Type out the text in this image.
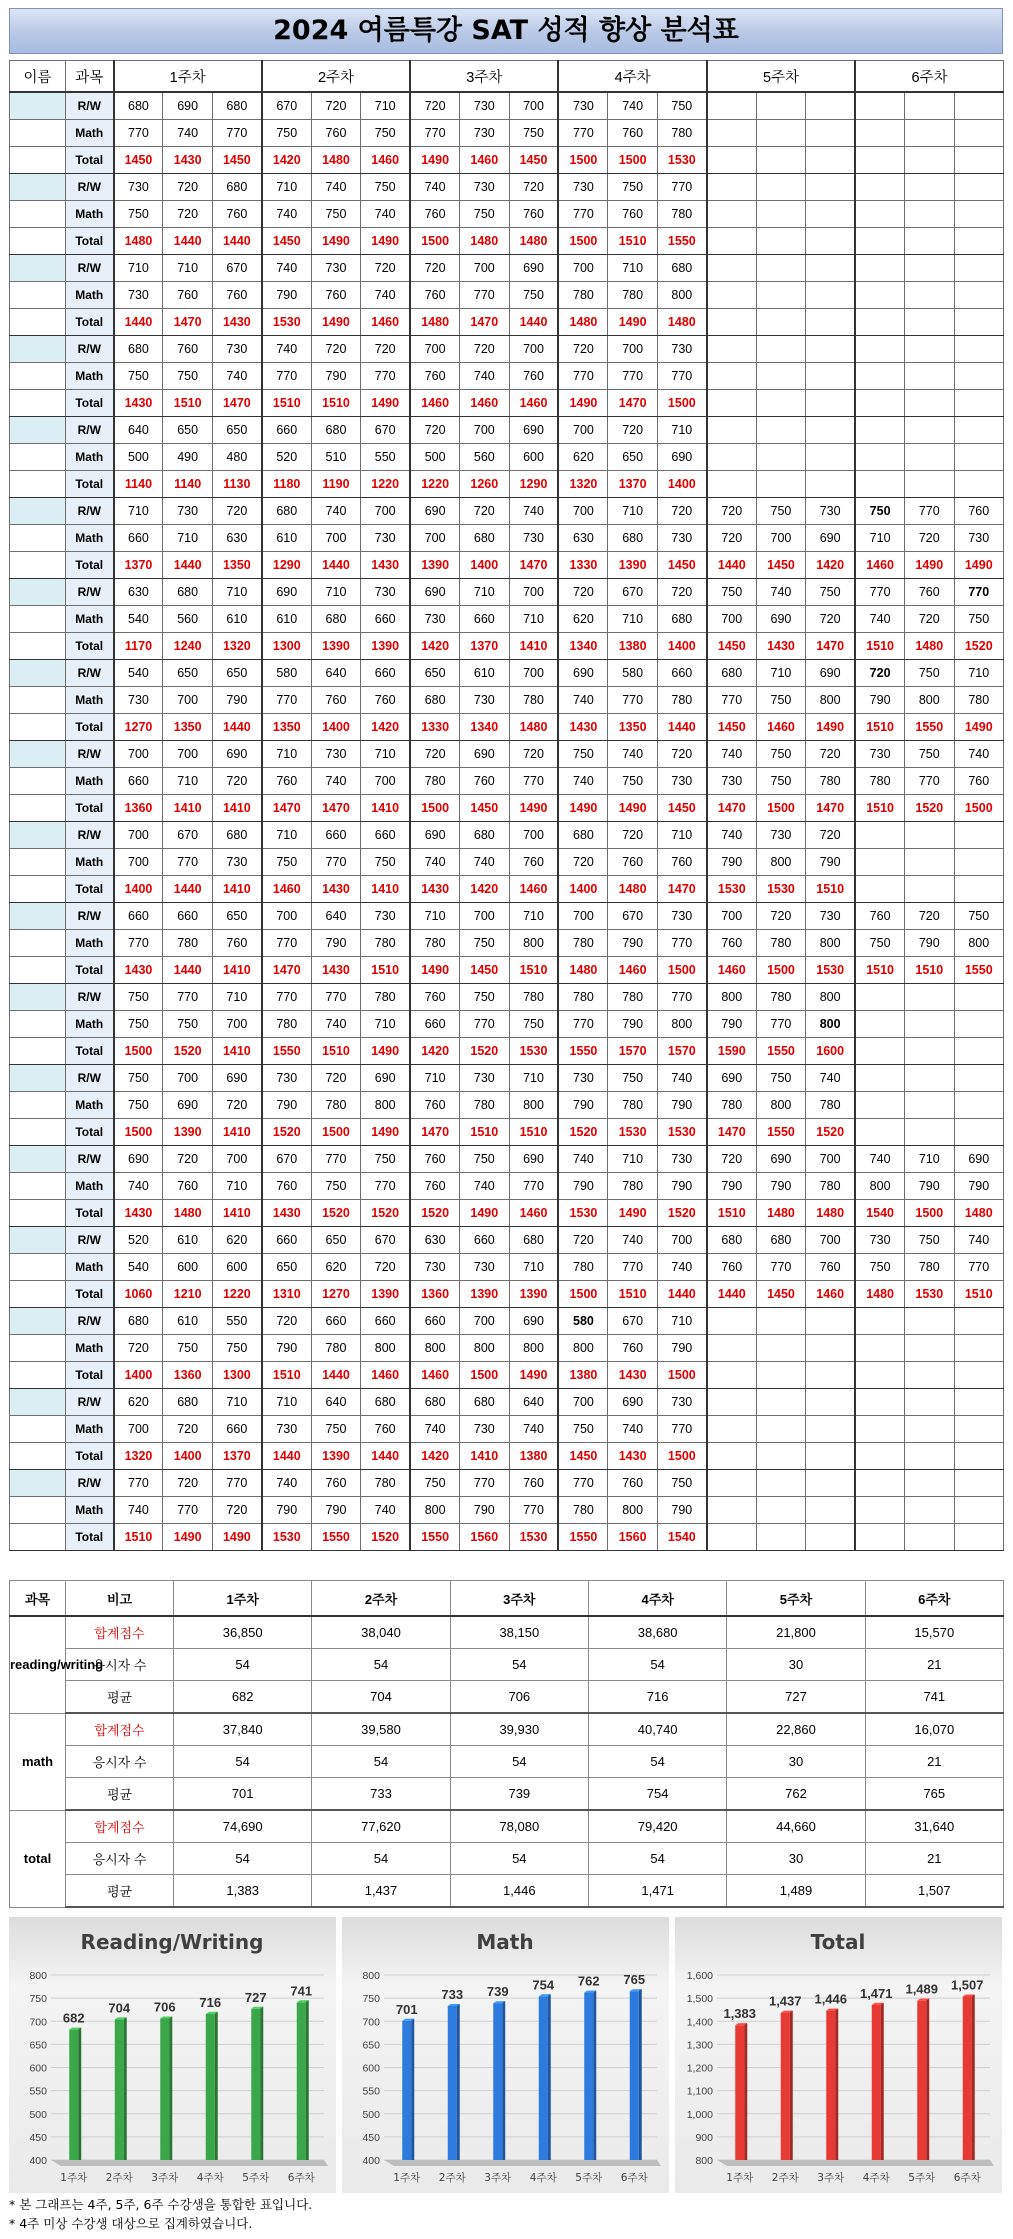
2024 여름특강 SAT 성적 향상 분석표
이름	과목	1주차			2주차			3주차			4주차			5주차			6주차		
	R/W	680	690	680	670	720	710	720	730	700	730	740	750						
	Math	770	740	770	750	760	750	770	730	750	770	760	780						
	Total	1450	1430	1450	1420	1480	1460	1490	1460	1450	1500	1500	1530						
	R/W	730	720	680	710	740	750	740	730	720	730	750	770						
	Math	750	720	760	740	750	740	760	750	760	770	760	780						
	Total	1480	1440	1440	1450	1490	1490	1500	1480	1480	1500	1510	1550						
	R/W	710	710	670	740	730	720	720	700	690	700	710	680						
	Math	730	760	760	790	760	740	760	770	750	780	780	800						
	Total	1440	1470	1430	1530	1490	1460	1480	1470	1440	1480	1490	1480						
	R/W	680	760	730	740	720	720	700	720	700	720	700	730						
	Math	750	750	740	770	790	770	760	740	760	770	770	770						
	Total	1430	1510	1470	1510	1510	1490	1460	1460	1460	1490	1470	1500						
	R/W	640	650	650	660	680	670	720	700	690	700	720	710						
	Math	500	490	480	520	510	550	500	560	600	620	650	690						
	Total	1140	1140	1130	1180	1190	1220	1220	1260	1290	1320	1370	1400						
	R/W	710	730	720	680	740	700	690	720	740	700	710	720	720	750	730	750	770	760
	Math	660	710	630	610	700	730	700	680	730	630	680	730	720	700	690	710	720	730
	Total	1370	1440	1350	1290	1440	1430	1390	1400	1470	1330	1390	1450	1440	1450	1420	1460	1490	1490
	R/W	630	680	710	690	710	730	690	710	700	720	670	720	750	740	750	770	760	770
	Math	540	560	610	610	680	660	730	660	710	620	710	680	700	690	720	740	720	750
	Total	1170	1240	1320	1300	1390	1390	1420	1370	1410	1340	1380	1400	1450	1430	1470	1510	1480	1520
	R/W	540	650	650	580	640	660	650	610	700	690	580	660	680	710	690	720	750	710
	Math	730	700	790	770	760	760	680	730	780	740	770	780	770	750	800	790	800	780
	Total	1270	1350	1440	1350	1400	1420	1330	1340	1480	1430	1350	1440	1450	1460	1490	1510	1550	1490
	R/W	700	700	690	710	730	710	720	690	720	750	740	720	740	750	720	730	750	740
	Math	660	710	720	760	740	700	780	760	770	740	750	730	730	750	780	780	770	760
	Total	1360	1410	1410	1470	1470	1410	1500	1450	1490	1490	1490	1450	1470	1500	1470	1510	1520	1500
	R/W	700	670	680	710	660	660	690	680	700	680	720	710	740	730	720			
	Math	700	770	730	750	770	750	740	740	760	720	760	760	790	800	790			
	Total	1400	1440	1410	1460	1430	1410	1430	1420	1460	1400	1480	1470	1530	1530	1510			
	R/W	660	660	650	700	640	730	710	700	710	700	670	730	700	720	730	760	720	750
	Math	770	780	760	770	790	780	780	750	800	780	790	770	760	780	800	750	790	800
	Total	1430	1440	1410	1470	1430	1510	1490	1450	1510	1480	1460	1500	1460	1500	1530	1510	1510	1550
	R/W	750	770	710	770	770	780	760	750	780	780	780	770	800	780	800			
	Math	750	750	700	780	740	710	660	770	750	770	790	800	790	770	800			
	Total	1500	1520	1410	1550	1510	1490	1420	1520	1530	1550	1570	1570	1590	1550	1600			
	R/W	750	700	690	730	720	690	710	730	710	730	750	740	690	750	740			
	Math	750	690	720	790	780	800	760	780	800	790	780	790	780	800	780			
	Total	1500	1390	1410	1520	1500	1490	1470	1510	1510	1520	1530	1530	1470	1550	1520			
	R/W	690	720	700	670	770	750	760	750	690	740	710	730	720	690	700	740	710	690
	Math	740	760	710	760	750	770	760	740	770	790	780	790	790	790	780	800	790	790
	Total	1430	1480	1410	1430	1520	1520	1520	1490	1460	1530	1490	1520	1510	1480	1480	1540	1500	1480
	R/W	520	610	620	660	650	670	630	660	680	720	740	700	680	680	700	730	750	740
	Math	540	600	600	650	620	720	730	730	710	780	770	740	760	770	760	750	780	770
	Total	1060	1210	1220	1310	1270	1390	1360	1390	1390	1500	1510	1440	1440	1450	1460	1480	1530	1510
	R/W	680	610	550	720	660	660	660	700	690	580	670	710						
	Math	720	750	750	790	780	800	800	800	800	800	760	790						
	Total	1400	1360	1300	1510	1440	1460	1460	1500	1490	1380	1430	1500						
	R/W	620	680	710	710	640	680	680	680	640	700	690	730						
	Math	700	720	660	730	750	760	740	730	740	750	740	770						
	Total	1320	1400	1370	1440	1390	1440	1420	1410	1380	1450	1430	1500						
	R/W	770	720	770	740	760	780	750	770	760	770	760	750						
	Math	740	770	720	790	790	740	800	790	770	780	800	790						
	Total	1510	1490	1490	1530	1550	1520	1550	1560	1530	1550	1560	1540						
과목	비고	1주차	2주차	3주차	4주차	5주차	6주차
reading/writing	합계점수	36,850	38,040	38,150	38,680	21,800	15,570
	응시자 수	54	54	54	54	30	21
	평균	682	704	706	716	727	741
math	합계점수	37,840	39,580	39,930	40,740	22,860	16,070
	응시자 수	54	54	54	54	30	21
	평균	701	733	739	754	762	765
total	합계점수	74,690	77,620	78,080	79,420	44,660	31,640
	응시자 수	54	54	54	54	30	21
	평균	1,383	1,437	1,446	1,471	1,489	1,507
Reading/Writing
400
450
500
550
600
650
700
750
800
682
1주차
704
2주차
706
3주차
716
4주차
727
5주차
741
6주차
Math
400
450
500
550
600
650
700
750
800
701
1주차
733
2주차
739
3주차
754
4주차
762
5주차
765
6주차
Total
800
900
1,000
1,100
1,200
1,300
1,400
1,500
1,600
1,383
1주차
1,437
2주차
1,446
3주차
1,471
4주차
1,489
5주차
1,507
6주차
* 본 그래프는 4주, 5주, 6주 수강생을 통합한 표입니다.
* 4주 미상 수강생 대상으로 집계하였습니다.
